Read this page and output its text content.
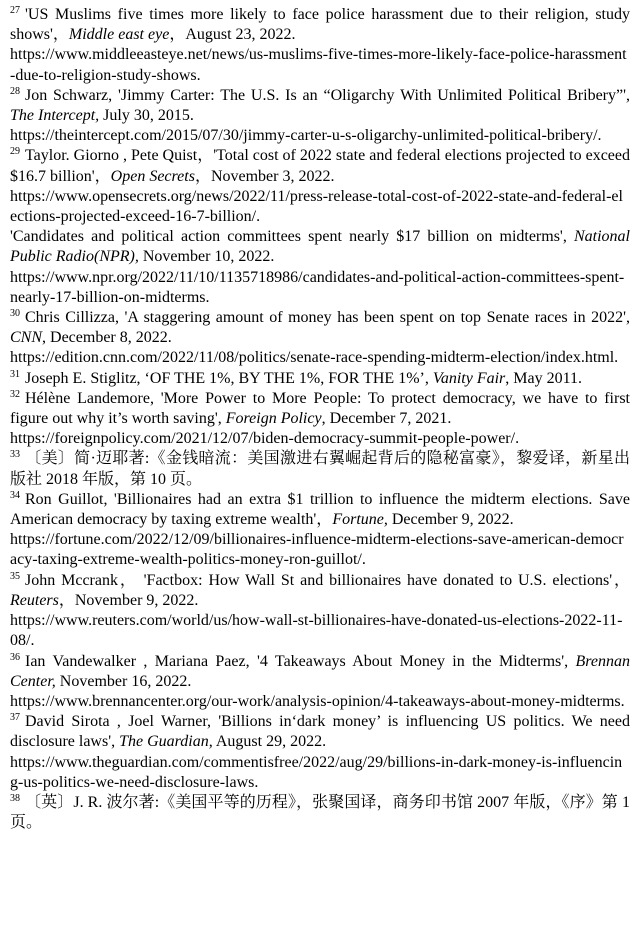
$^{27}$ 'US Muslims five times more likely to face police harassment due to their religion, study shows'，Middle east eye，August 23, 2022.
https://www.middleeasteye.net/news/us-muslims-five-times-more-likely-face-police-harassment-due-to-religion-study-shows.

$^{28}$ Jon Schwarz, 'Jimmy Carter: The U.S. Is an “Oligarchy With Unlimited Political Bribery”', The Intercept, July 30, 2015.
https://theintercept.com/2015/07/30/jimmy-carter-u-s-oligarchy-unlimited-political-bribery/.

$^{29}$ Taylor. Giorno , Pete Quist，'Total cost of 2022 state and federal elections projected to exceed $16.7 billion'，Open Secrets，November 3, 2022.
https://www.opensecrets.org/news/2022/11/press-release-total-cost-of-2022-state-and-federal-elections-projected-exceed-16-7-billion/.
'Candidates and political action committees spent nearly $17 billion on midterms', National Public Radio(NPR), November 10, 2022.
https://www.npr.org/2022/11/10/1135718986/candidates-and-political-action-committees-spent-nearly-17-billion-on-midterms.

$^{30}$ Chris Cillizza, 'A staggering amount of money has been spent on top Senate races in 2022', CNN, December 8, 2022.
https://edition.cnn.com/2022/11/08/politics/senate-race-spending-midterm-election/index.html.

$^{31}$ Joseph E. Stiglitz, ‘OF THE 1%, BY THE 1%, FOR THE 1%’, Vanity Fair, May 2011.

$^{32}$ Hélène Landemore, 'More Power to More People: To protect democracy, we have to first figure out why it’s worth saving', Foreign Policy, December 7, 2021.
https://foreignpolicy.com/2021/12/07/biden-democracy-summit-people-power/.

$^{33}$ 〔美〕简·迈耶著:《金钱暗流：美国激进右翼崛起背后的隐秘富豪》，黎爱译，新星出版社 2018 年版，第 10 页。

$^{34}$ Ron Guillot, 'Billionaires had an extra $1 trillion to influence the midterm elections. Save American democracy by taxing extreme wealth'，Fortune, December 9, 2022.
https://fortune.com/2022/12/09/billionaires-influence-midterm-elections-save-american-democracy-taxing-extreme-wealth-politics-money-ron-guillot/.

$^{35}$ John Mccrank， 'Factbox: How Wall St and billionaires have donated to U.S. elections'，Reuters，November 9, 2022.
https://www.reuters.com/world/us/how-wall-st-billionaires-have-donated-us-elections-2022-11-08/.

$^{36}$ Ian Vandewalker , Mariana Paez, '4 Takeaways About Money in the Midterms', Brennan Center, November 16, 2022.
https://www.brennancenter.org/our-work/analysis-opinion/4-takeaways-about-money-midterms.

$^{37}$ David Sirota , Joel Warner, 'Billions in‘dark money’ is influencing US politics. We need disclosure laws', The Guardian, August 29, 2022.
https://www.theguardian.com/commentisfree/2022/aug/29/billions-in-dark-money-is-influencing-us-politics-we-need-disclosure-laws.

$^{38}$ 〔英〕J. R. 波尔著:《美国平等的历程》，张聚国译，商务印书馆 2007 年版，《序》第 1 页。
